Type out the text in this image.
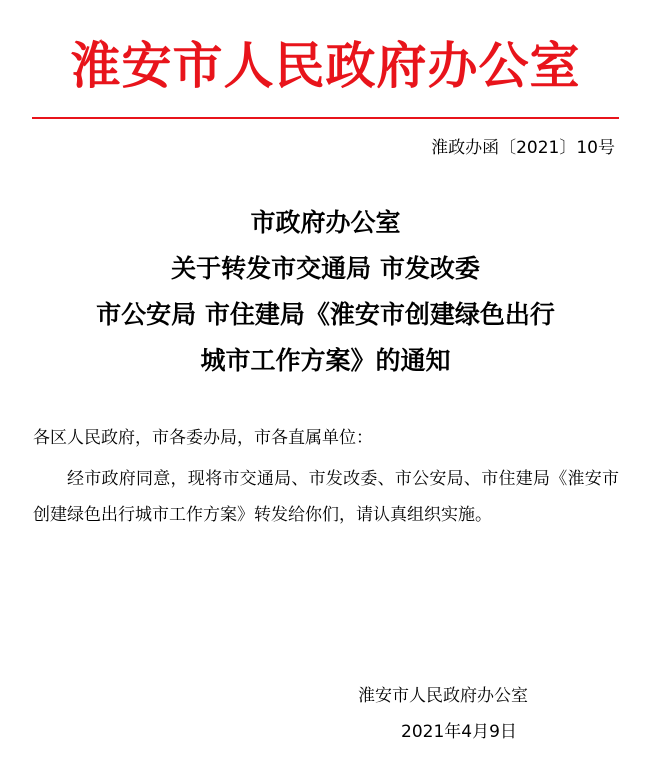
淮安市人民政府办公室
淮政办函〔2021〕10号
市政府办公室
关于转发市交通局 市发改委
市公安局 市住建局《淮安市创建绿色出行
城市工作方案》的通知
各区人民政府，市各委办局，市各直属单位：
经市政府同意，现将市交通局、市发改委、市公安局、市住建局《淮安市创建绿色出行城市工作方案》转发给你们，请认真组织实施。
淮安市人民政府办公室
2021年4月9日
